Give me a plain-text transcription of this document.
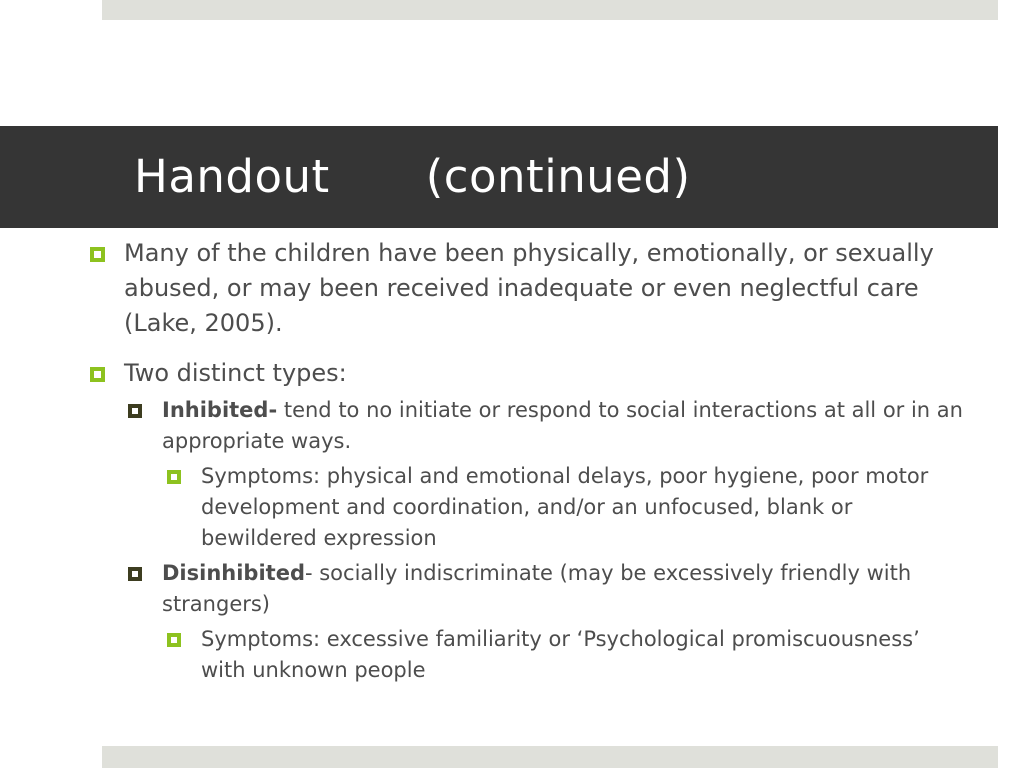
Handout (continued)
Many of the children have been physically, emotionally, or sexually abused, or may been received inadequate or even neglectful care (Lake, 2005).
Two distinct types:
Inhibited- tend to no initiate or respond to social interactions at all or in an appropriate ways.
Symptoms: physical and emotional delays, poor hygiene, poor motor development and coordination, and/or an unfocused, blank or bewildered expression
Disinhibited- socially indiscriminate (may be excessively friendly with strangers)
Symptoms: excessive familiarity or ‘Psychological promiscuousness’ with unknown people
